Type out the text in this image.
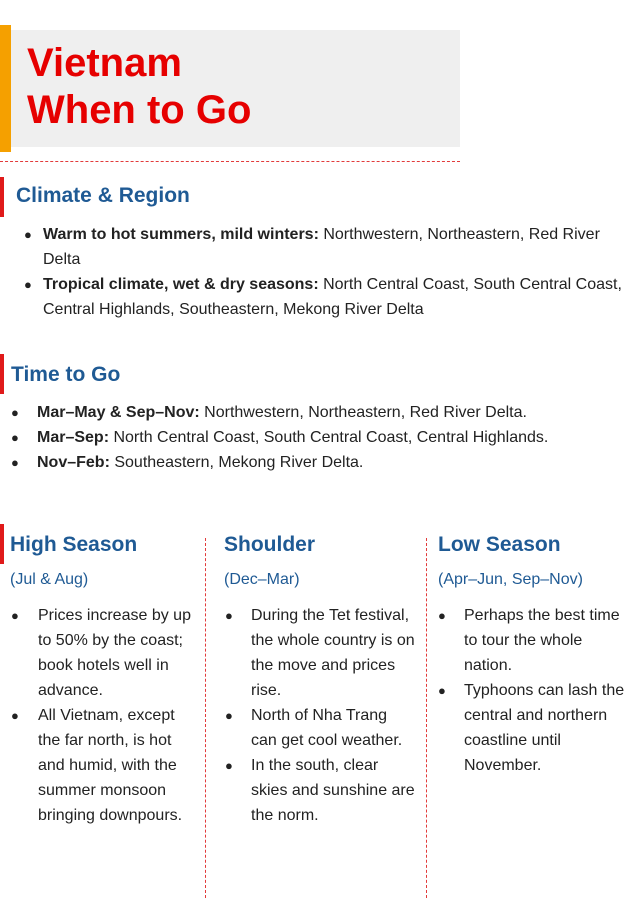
Vietnam
When to Go
Climate & Region
● Warm to hot summers, mild winters: Northwestern, Northeastern, Red River Delta
● Tropical climate, wet & dry seasons: North Central Coast, South Central Coast, Central Highlands, Southeastern, Mekong River Delta
Time to Go
● Mar–May & Sep–Nov: Northwestern, Northeastern, Red River Delta.
● Mar–Sep: North Central Coast, South Central Coast, Central Highlands.
● Nov–Feb: Southeastern, Mekong River Delta.
High Season

(Jul & Aug)

● Prices increase by up to 50% by the coast; book hotels well in advance.
● All Vietnam, except the far north, is hot and humid, with the summer monsoon bringing downpours.
Shoulder

(Dec–Mar)

● During the Tet festival, the whole country is on the move and prices rise.
● North of Nha Trang can get cool weather.
● In the south, clear skies and sunshine are the norm.
Low Season

(Apr–Jun, Sep–Nov)

● Perhaps the best time to tour the whole nation.
● Typhoons can lash the central and northern coastline until November.
